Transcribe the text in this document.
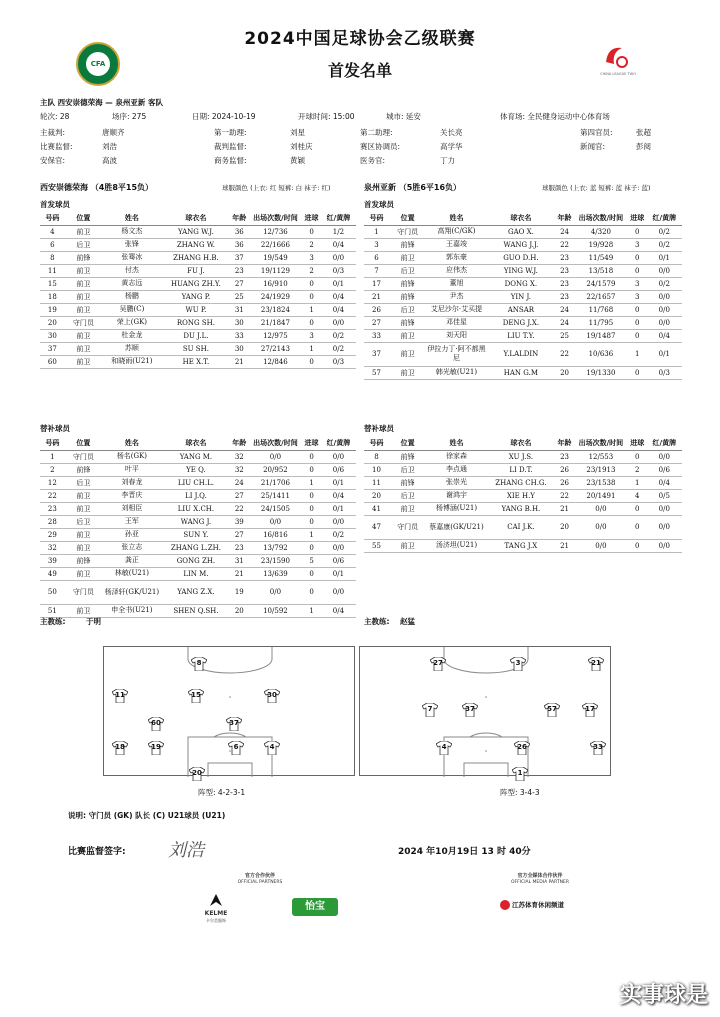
2024中国足球协会乙级联赛
首发名单
CFA
CHINA LEAGUE TWO
主队 西安崇德荣海 — 泉州亚新 客队
轮次: 28	场序: 275	日期: 2024-10-19	开球时间: 15:00	城市: 延安	体育场: 全民健身运动中心体育场
主裁判:	唐顺齐	第一助理:	刘星	第二助理:	关长亮	第四官员:	张超
比赛监督:	刘浩	裁判监督:	刘桂庆	赛区协调员:	高学华	新闻官:	彭阅
安保官:	高波	商务监督:	黄颖	医务官:	丁力
西安崇德荣海 （4胜8平15负）	球服颜色 (上衣: 红 短裤: 白 袜子: 红)	泉州亚新 （5胜6平16负）	球服颜色 (上衣: 蓝 短裤: 蓝 袜子: 蓝)
首发球员	首发球员
号码	位置	姓名	球衣名	年龄	出场次数/时间	进球	红/黄牌
4	前卫	杨文杰	YANG W.J.	36	12/736	0	1/2
6	后卫	张锋	ZHANG W.	36	22/1666	2	0/4
8	前锋	张骞冰	ZHANG H.B.	37	19/549	3	0/0
11	前卫	付杰	FU J.	23	19/1129	2	0/3
15	前卫	黄志远	HUANG ZH.Y.	27	16/910	0	0/1
18	前卫	杨鹏	YANG P.	25	24/1929	0	0/4
19	前卫	吴鹏(C)	WU P.	31	23/1824	1	0/4
20	守门员	荣上(GK)	RONG SH.	30	21/1847	0	0/0
30	前卫	杜金龙	DU J.L.	33	12/975	3	0/2
37	前卫	苏顺	SU SH.	30	27/2143	1	0/2
60	前卫	和晓雨(U21)	HE X.T.	21	12/846	0	0/3
号码	位置	姓名	球衣名	年龄	出场次数/时间	进球	红/黄牌
1	守门员	高翔(C/GK)	GAO X.	24	4/320	0	0/2
3	前锋	王嘉竣	WANG J.J.	22	19/928	3	0/2
6	前卫	郭东豪	GUO D.H.	23	11/549	0	0/1
7	后卫	应伟杰	YING W.J.	23	13/518	0	0/0
17	前锋	董旭	DONG X.	23	24/1579	3	0/2
21	前锋	尹杰	YIN J.	23	22/1657	3	0/0
26	后卫	艾尼沙尔·艾买提	ANSAR	24	11/768	0	0/0
27	前锋	邓佳星	DENG J.X.	24	11/795	0	0/0
33	前卫	刘天阳	LIU T.Y.	25	19/1487	0	0/4
37	前卫	伊拉力丁·阿不都黑尼	Y.LALDIN	22	10/636	1	0/1
57	前卫	韩光敏(U21)	HAN G.M	20	19/1330	0	0/3
替补球员	替补球员
号码	位置	姓名	球衣名	年龄	出场次数/时间	进球	红/黄牌
1	守门员	杨名(GK)	YANG M.	32	0/0	0	0/0
2	前锋	叶平	YE Q.	32	20/952	0	0/6
12	后卫	刘春龙	LIU CH.L.	24	21/1706	1	0/1
22	前卫	李晋庆	LI J.Q.	27	25/1411	0	0/4
23	前卫	刘相臣	LIU X.CH.	22	24/1505	0	0/1
28	后卫	王军	WANG J.	39	0/0	0	0/0
29	前卫	孙亚	SUN Y.	27	16/816	1	0/2
32	前卫	张立志	ZHANG L.ZH.	23	13/792	0	0/0
39	前锋	龚正	GONG ZH.	31	23/1590	5	0/6
49	前卫	林敏(U21)	LIN M.	21	13/639	0	0/1
50	守门员	杨泽轩(GK/U21)	YANG Z.X.	19	0/0	0	0/0
51	前卫	申全书(U21)	SHEN Q.SH.	20	10/592	1	0/4
号码	位置	姓名	球衣名	年龄	出场次数/时间	进球	红/黄牌
8	前锋	徐家森	XU J.S.	23	12/553	0	0/0
10	后卫	李点通	LI D.T.	26	23/1913	2	0/6
11	前锋	张崇光	ZHANG CH.G.	26	23/1538	1	0/4
20	后卫	谢鸿宇	XIE H.Y	22	20/1491	4	0/5
41	前卫	杨博涵(U21)	YANG B.H.	21	0/0	0	0/0
47	守门员	蔡嘉康(GK/U21)	CAI J.K.	20	0/0	0	0/0
55	前卫	汤济坦(U21)	TANG J.X	21	0/0	0	0/0
主教练:	于明	主教练: 赵猛
8
11	15	30
60	37
18	19	6	4
20
27	3	21
7	37	57	17
4	26	33
1
阵型: 4-2-3-1	阵型: 3-4-3
说明: 守门员 (GK) 队长 (C) U21球员 (U21)
比赛监督签字: 刘浩	2024 年10月19日 13 时 40分
官方合作伙伴
OFFICIAL PARTNERS
官方全媒体合作伙伴
OFFICIAL MEDIA PARTNER
KELME
卡尔美服饰
怡宝	江苏体育休闲频道
实事球是
